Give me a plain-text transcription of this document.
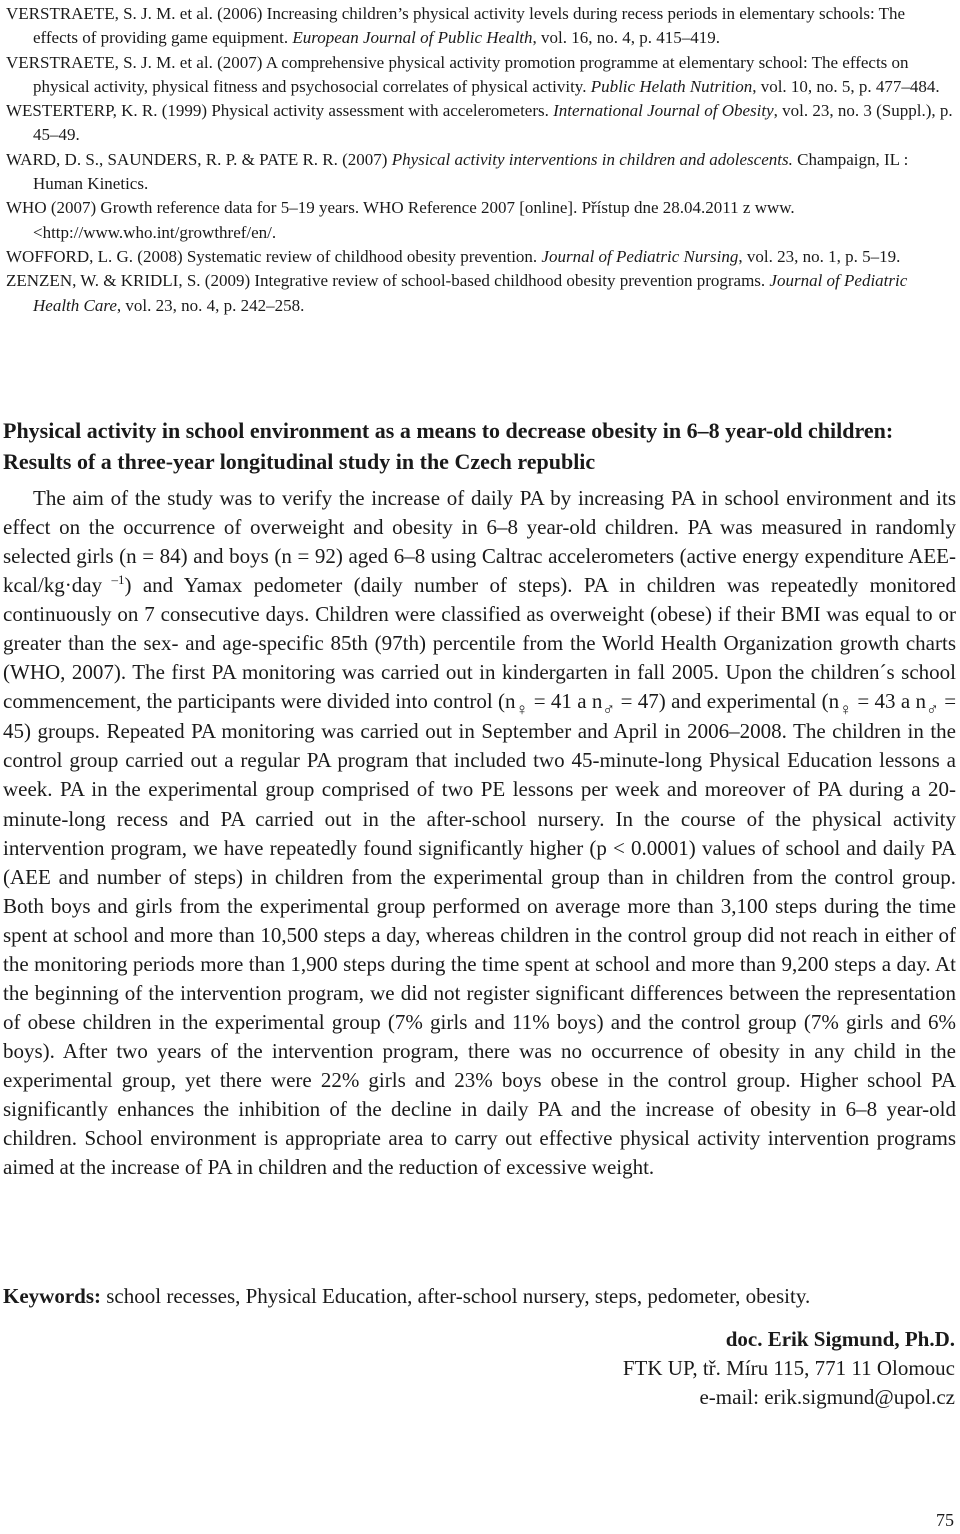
VERSTRAETE, S. J. M. et al. (2006) Increasing children’s physical activity levels during recess periods in elementary schools: The effects of providing game equipment. European Journal of Public Health, vol. 16, no. 4, p. 415–419.

VERSTRAETE, S. J. M. et al. (2007) A comprehensive physical activity promotion programme at elementary school: The effects on physical activity, physical fitness and psychosocial correlates of physical activity. Public Helath Nutrition, vol. 10, no. 5, p. 477–484.

WESTERTERP, K. R. (1999) Physical activity assessment with accelerometers. International Journal of Obesity, vol. 23, no. 3 (Suppl.), p. 45–49.

WARD, D. S., SAUNDERS, R. P. & PATE R. R. (2007) Physical activity interventions in children and adolescents. Champaign, IL : Human Kinetics.

WHO (2007) Growth reference data for 5–19 years. WHO Reference 2007 [online]. Přístup dne 28.04.2011 z www.<http://www.who.int/growthref/en/.

WOFFORD, L. G. (2008) Systematic review of childhood obesity prevention. Journal of Pediatric Nursing, vol. 23, no. 1, p. 5–19.

ZENZEN, W. & KRIDLI, S. (2009) Integrative review of school-based childhood obesity prevention programs. Journal of Pediatric Health Care, vol. 23, no. 4, p. 242–258.

Physical activity in school environment as a means to decrease obesity in 6–8 year-old children: Results of a three-year longitudinal study in the Czech republic

The aim of the study was to verify the increase of daily PA by increasing PA in school environment and its effect on the occurrence of overweight and obesity in 6–8 year-old children. PA was measured in randomly selected girls (n = 84) and boys (n = 92) aged 6–8 using Caltrac accelerometers (active energy expenditure AEE-kcal/kg·day $^{-1}$) and Yamax pedometer (daily number of steps). PA in children was repeatedly monitored continuously on 7 consecutive days. Children were classified as overweight (obese) if their BMI was equal to or greater than the sex- and age-specific 85th (97th) percentile from the World Health Organization growth charts (WHO, 2007). The first PA monitoring was carried out in kindergarten in fall 2005. Upon the children´s school commencement, the participants were divided into control ($n_♀ = 41$ a $n_♂ = 47$) and experimental ($n_♀ = 43$ a $n_♂ = 45$) groups. Repeated PA monitoring was carried out in September and April in 2006–2008. The children in the control group carried out a regular PA program that included two 45-minute-long Physical Education lessons a week. PA in the experimental group comprised of two PE lessons per week and moreover of PA during a 20-minute-long recess and PA carried out in the after-school nursery. In the course of the physical activity intervention program, we have repeatedly found significantly higher (p < 0.0001) values of school and daily PA (AEE and number of steps) in children from the experimental group than in children from the control group. Both boys and girls from the experimental group performed on average more than 3,100 steps during the time spent at school and more than 10,500 steps a day, whereas children in the control group did not reach in either of the monitoring periods more than 1,900 steps during the time spent at school and more than 9,200 steps a day. At the beginning of the intervention program, we did not register significant differences between the representation of obese children in the experimental group (7% girls and 11% boys) and the control group (7% girls and 6% boys). After two years of the intervention program, there was no occurrence of obesity in any child in the experimental group, yet there were 22% girls and 23% boys obese in the control group. Higher school PA significantly enhances the inhibition of the decline in daily PA and the increase of obesity in 6–8 year-old children. School environment is appropriate area to carry out effective physical activity intervention programs aimed at the increase of PA in children and the reduction of excessive weight.

Keywords: school recesses, Physical Education, after-school nursery, steps, pedometer, obesity.

doc. Erik Sigmund, Ph.D.
FTK UP, tř. Míru 115, 771 11 Olomouc
e-mail: erik.sigmund@upol.cz
75
